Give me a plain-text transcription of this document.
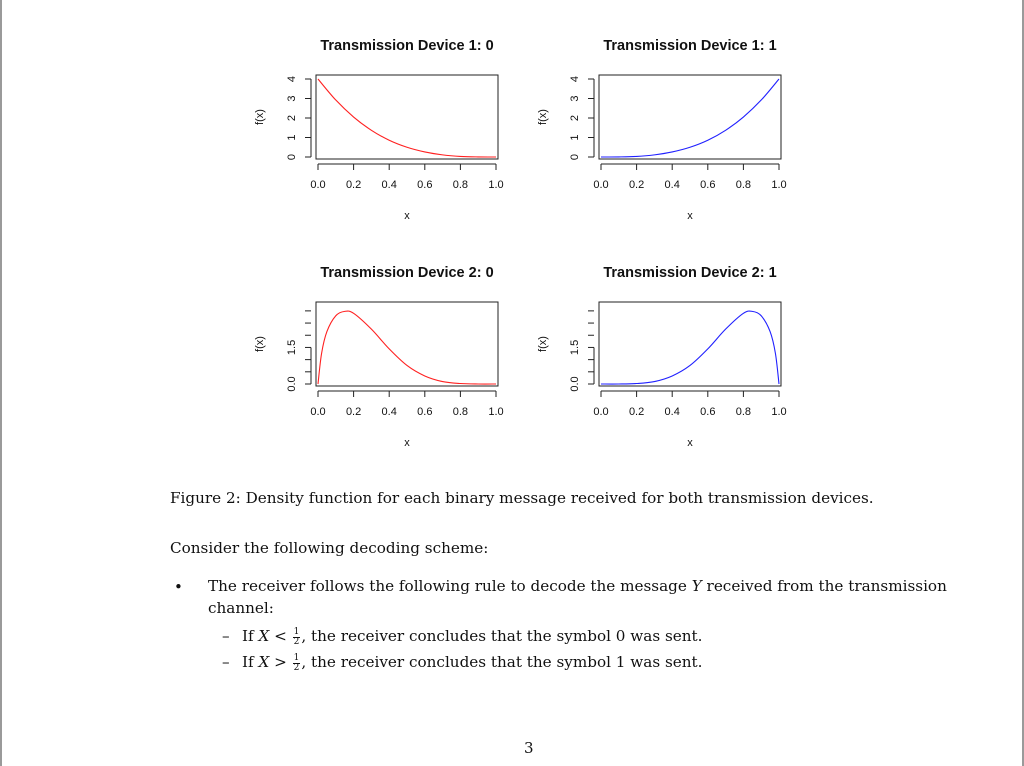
Transmission Device 1: 0
0.0 0.2 0.4 0.6 0.8 1.0
x
0
1
2
3
4
f(x)
Transmission Device 1: 1
0.0 0.2 0.4 0.6 0.8 1.0
x
0
1
2
3
4
f(x)
Transmission Device 2: 0
0.0 0.2 0.4 0.6 0.8 1.0
x
0.0
1.5
f(x)
Transmission Device 2: 1
0.0 0.2 0.4 0.6 0.8 1.0
x
0.0
1.5
f(x)
Figure 2: Density function for each binary message received for both transmission devices.
Consider the following decoding scheme:
• The receiver follows the following rule to decode the message Y received from the transmission channel:
– If $X < \frac{1}{2}$ , the receiver concludes that the symbol 0 was sent.
– If $X > \frac{1}{2}$ , the receiver concludes that the symbol 1 was sent.
3
